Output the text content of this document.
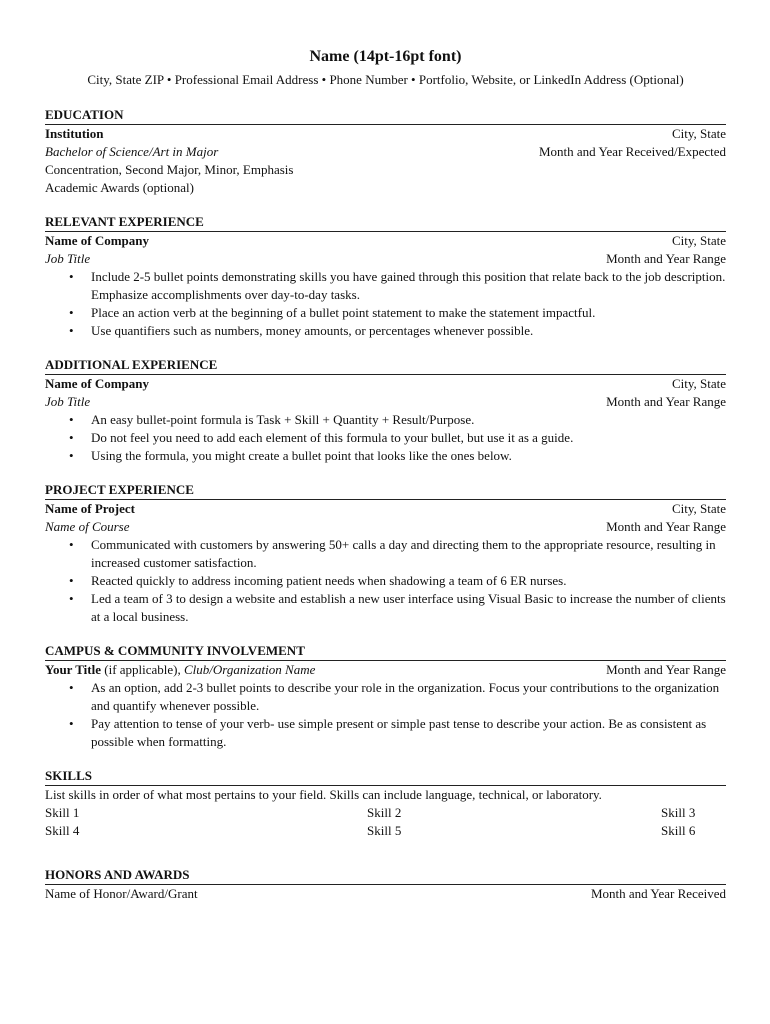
Name (14pt-16pt font)

City, State ZIP • Professional Email Address • Phone Number • Portfolio, Website, or LinkedIn Address (Optional)

EDUCATION
Institution	City, State
Bachelor of Science/Art in Major	Month and Year Received/Expected
Concentration, Second Major, Minor, Emphasis
Academic Awards (optional)
RELEVANT EXPERIENCE
Name of Company	City, State
Job Title	Month and Year Range
• Include 2-5 bullet points demonstrating skills you have gained through this position that relate back to the job description. Emphasize accomplishments over day-to-day tasks.
• Place an action verb at the beginning of a bullet point statement to make the statement impactful.
• Use quantifiers such as numbers, money amounts, or percentages whenever possible.
ADDITIONAL EXPERIENCE
Name of Company	City, State
Job Title	Month and Year Range
• An easy bullet-point formula is Task + Skill + Quantity + Result/Purpose.
• Do not feel you need to add each element of this formula to your bullet, but use it as a guide.
• Using the formula, you might create a bullet point that looks like the ones below.
PROJECT EXPERIENCE
Name of Project	City, State
Name of Course	Month and Year Range
• Communicated with customers by answering 50+ calls a day and directing them to the appropriate resource, resulting in increased customer satisfaction.
• Reacted quickly to address incoming patient needs when shadowing a team of 6 ER nurses.
• Led a team of 3 to design a website and establish a new user interface using Visual Basic to increase the number of clients at a local business.
CAMPUS & COMMUNITY INVOLVEMENT
Your Title (if applicable), Club/Organization Name	Month and Year Range
• As an option, add 2-3 bullet points to describe your role in the organization. Focus your contributions to the organization and quantify whenever possible.
• Pay attention to tense of your verb- use simple present or simple past tense to describe your action. Be as consistent as possible when formatting.
SKILLS
List skills in order of what most pertains to your field. Skills can include language, technical, or laboratory.
Skill 1	Skill 2	Skill 3
Skill 4	Skill 5	Skill 6
HONORS AND AWARDS
Name of Honor/Award/Grant	Month and Year Received
